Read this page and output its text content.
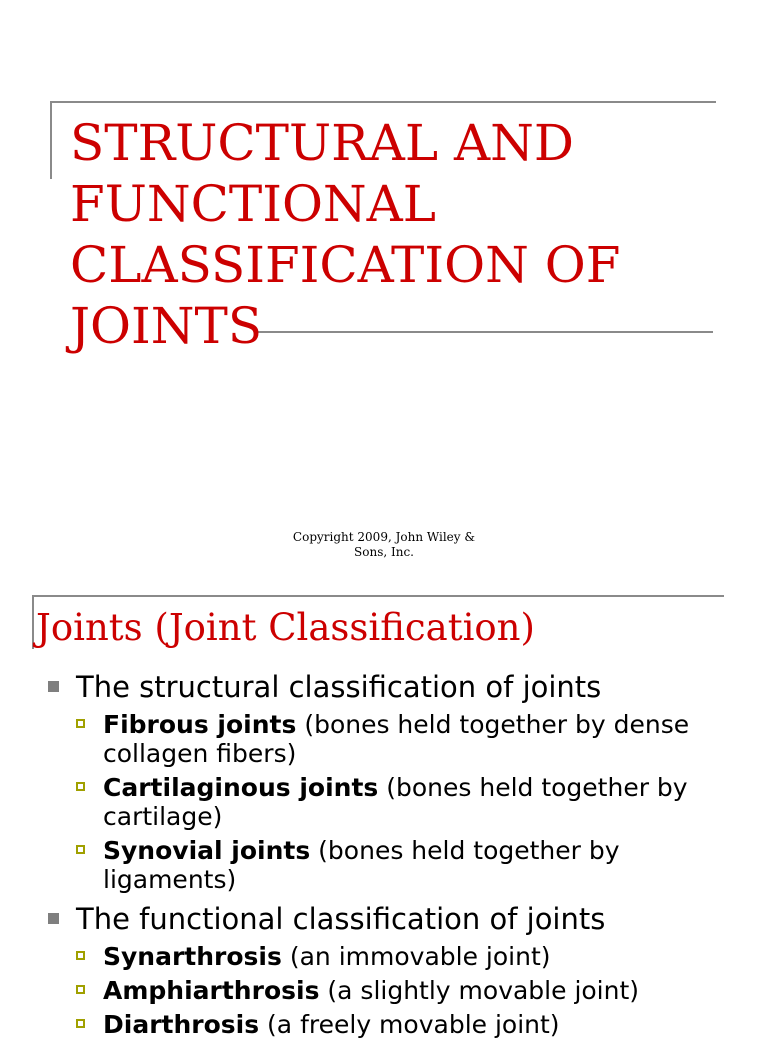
STRUCTURAL AND FUNCTIONAL CLASSIFICATION OF JOINTS
Copyright 2009, John Wiley &
Sons, Inc.
Joints (Joint Classification)
The structural classification of joints
Fibrous joints (bones held together by dense collagen fibers)
Cartilaginous joints (bones held together by cartilage)
Synovial joints (bones held together by ligaments)
The functional classification of joints
Synarthrosis (an immovable joint)
Amphiarthrosis (a slightly movable joint)
Diarthrosis (a freely movable joint)
